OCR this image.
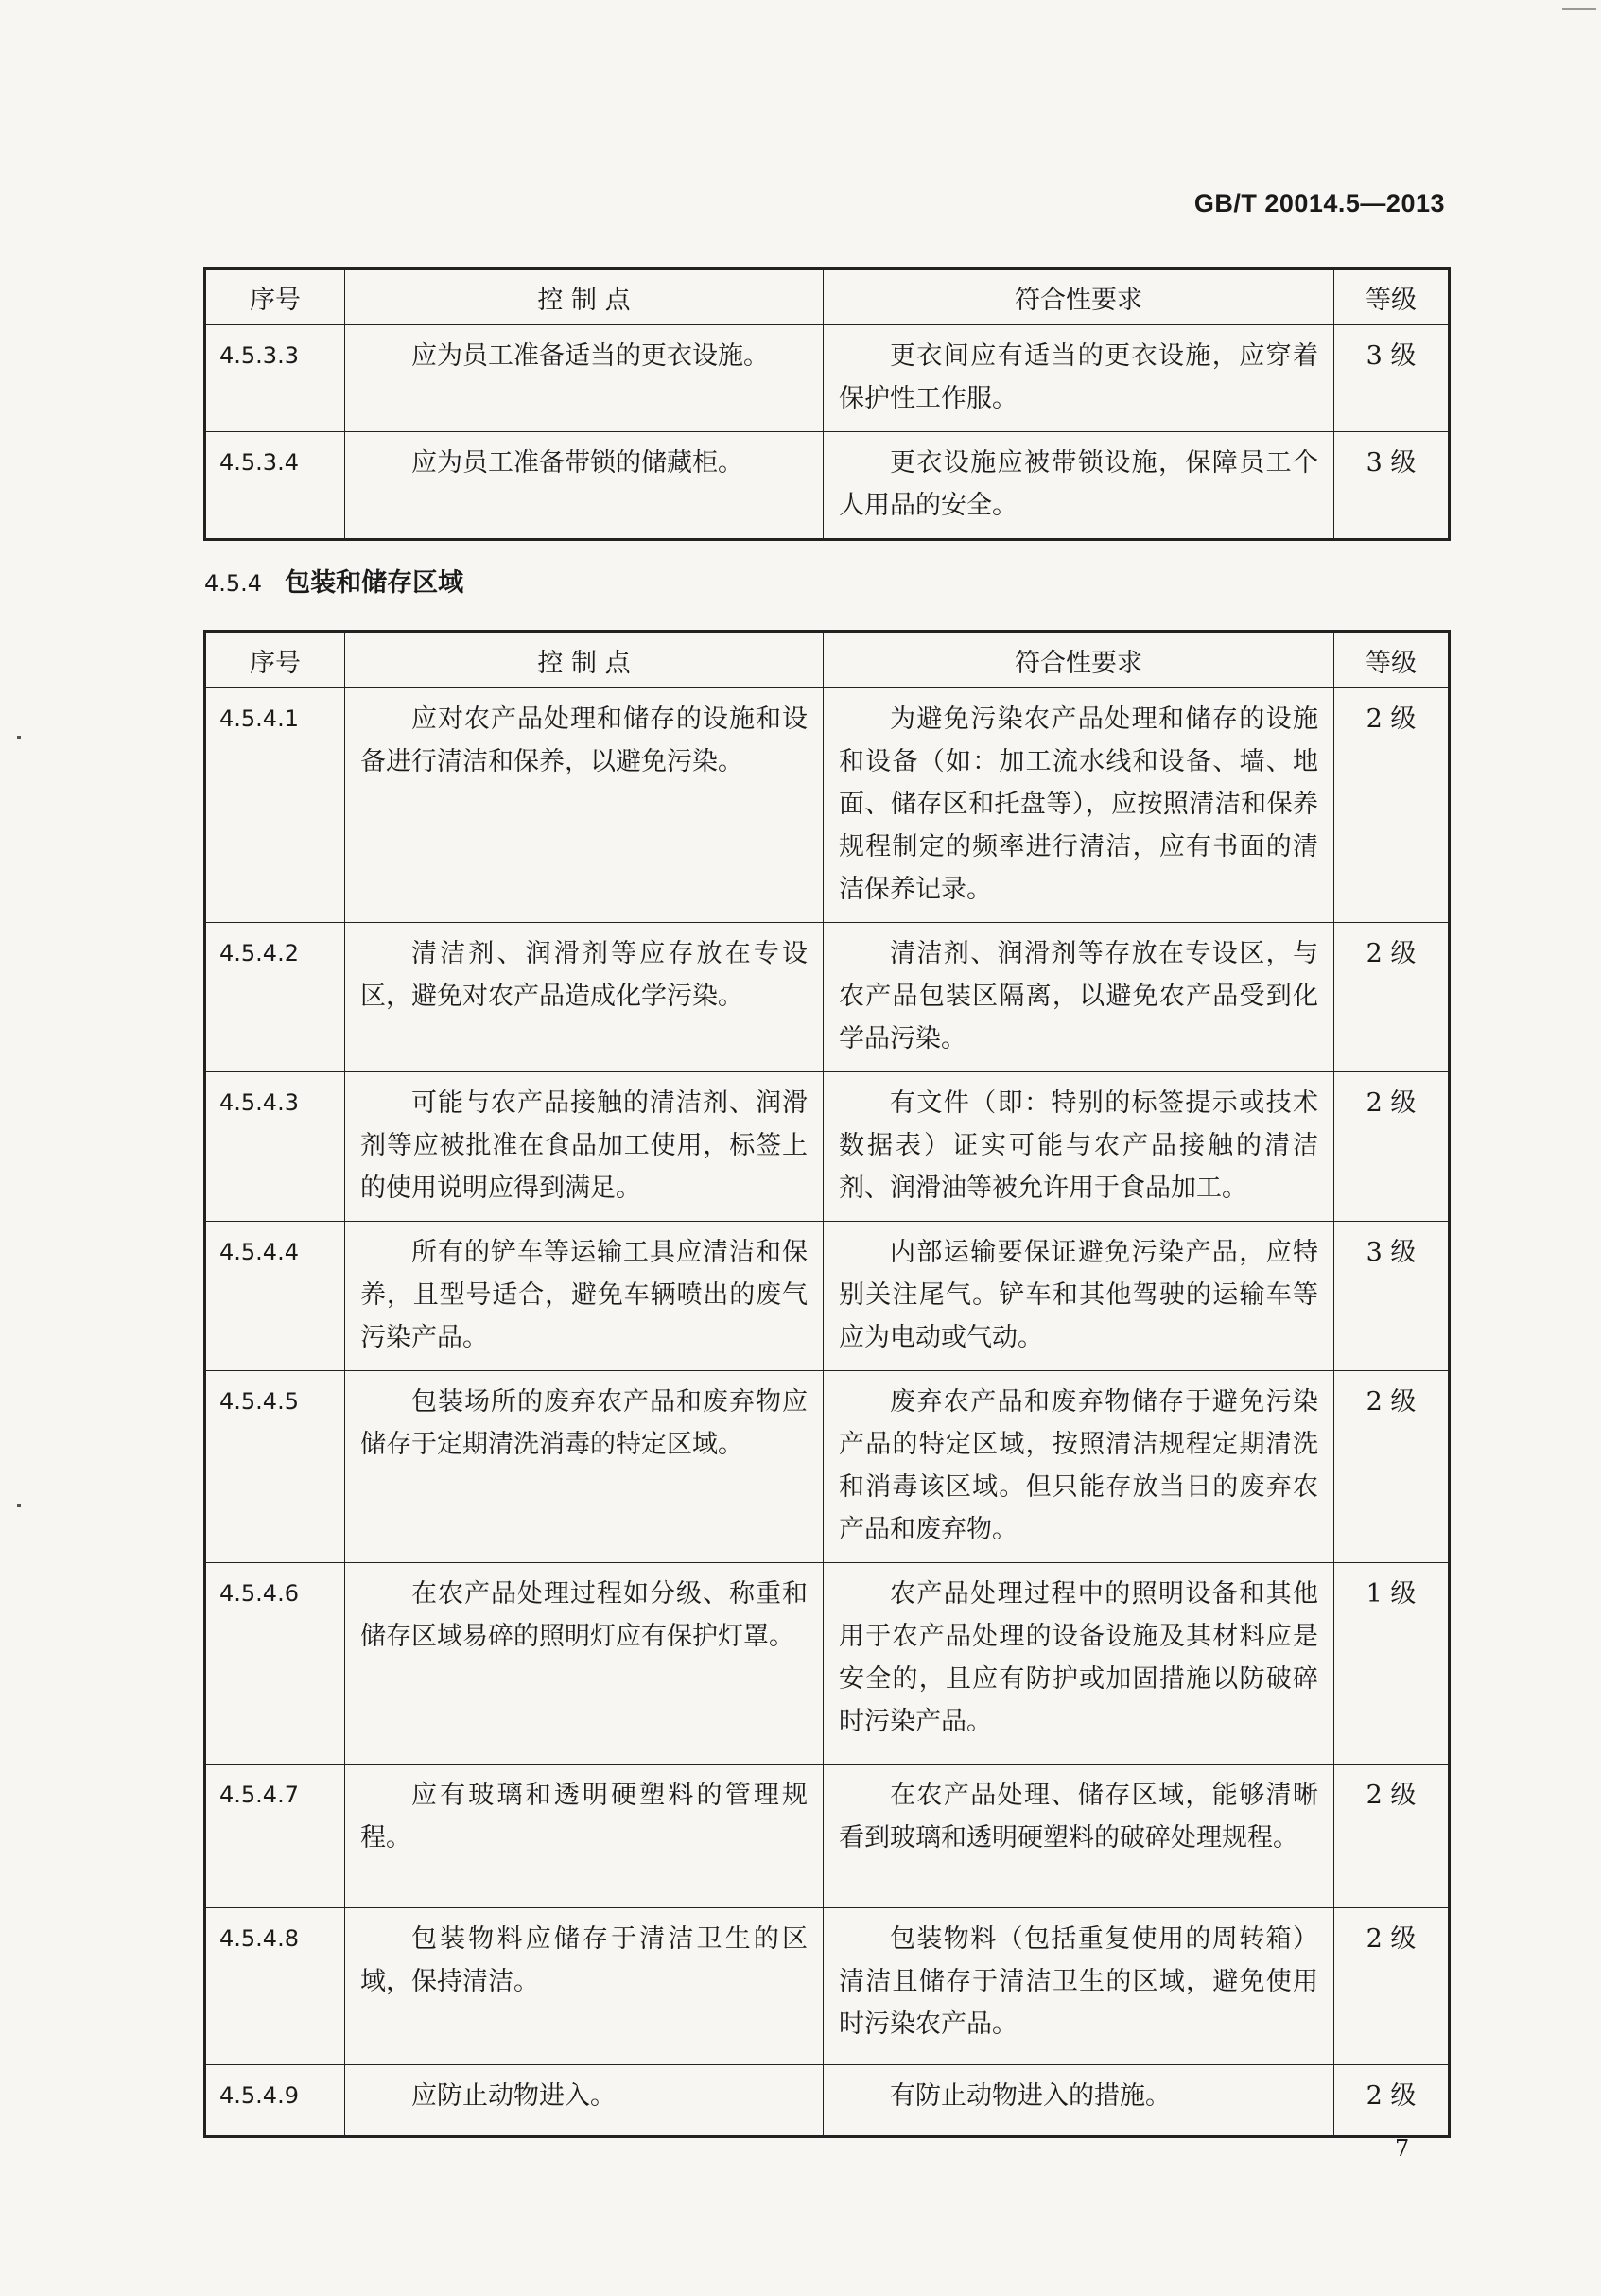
GB/T 20014.5—2013
序号	控 制 点	符合性要求	等级
4.5.3.3	应为员工准备适当的更衣设施。	更衣间应有适当的更衣设施，应穿着保护性工作服。	3 级
4.5.3.4	应为员工准备带锁的储藏柜。	更衣设施应被带锁设施，保障员工个人用品的安全。	3 级
4.5.4 包装和储存区域
序号	控 制 点	符合性要求	等级
4.5.4.1	应对农产品处理和储存的设施和设备进行清洁和保养，以避免污染。	为避免污染农产品处理和储存的设施和设备（如：加工流水线和设备、墙、地面、储存区和托盘等），应按照清洁和保养规程制定的频率进行清洁，应有书面的清洁保养记录。	2 级
4.5.4.2	清洁剂、润滑剂等应存放在专设区，避免对农产品造成化学污染。	清洁剂、润滑剂等存放在专设区，与农产品包装区隔离，以避免农产品受到化学品污染。	2 级
4.5.4.3	可能与农产品接触的清洁剂、润滑剂等应被批准在食品加工使用，标签上的使用说明应得到满足。	有文件（即：特别的标签提示或技术数据表）证实可能与农产品接触的清洁剂、润滑油等被允许用于食品加工。	2 级
4.5.4.4	所有的铲车等运输工具应清洁和保养，且型号适合，避免车辆喷出的废气污染产品。	内部运输要保证避免污染产品，应特别关注尾气。铲车和其他驾驶的运输车等应为电动或气动。	3 级
4.5.4.5	包装场所的废弃农产品和废弃物应储存于定期清洗消毒的特定区域。	废弃农产品和废弃物储存于避免污染产品的特定区域，按照清洁规程定期清洗和消毒该区域。但只能存放当日的废弃农产品和废弃物。	2 级
4.5.4.6	在农产品处理过程如分级、称重和储存区域易碎的照明灯应有保护灯罩。	农产品处理过程中的照明设备和其他用于农产品处理的设备设施及其材料应是安全的，且应有防护或加固措施以防破碎时污染产品。	1 级
4.5.4.7	应有玻璃和透明硬塑料的管理规程。	在农产品处理、储存区域，能够清晰看到玻璃和透明硬塑料的破碎处理规程。	2 级
4.5.4.8	包装物料应储存于清洁卫生的区域，保持清洁。	包装物料（包括重复使用的周转箱）清洁且储存于清洁卫生的区域，避免使用时污染农产品。	2 级
4.5.4.9	应防止动物进入。	有防止动物进入的措施。	2 级
7
